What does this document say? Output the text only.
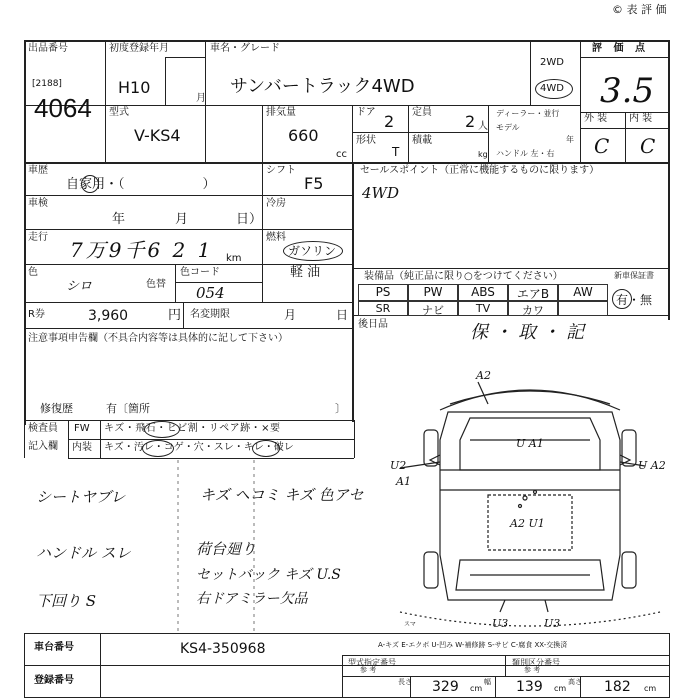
© 表 評 価
出品番号
[2188]
4064
初度登録年月
H10
月
車名・グレード
サンバートラック4WD
2WD
4WD
評 価 点
3.5
型式
V-KS4
排気量
660
cc
ドア 2 定員 2 人
形状
T
積載
kg
ディーラー・並行
モデル
年
ハンドル 左・右
外 装 内 装
C C
車歴
自家用・（　　　　　　）
シフト
F5
車検
年	月	日）
冷房
走行
7万9千6 2 1 km
燃料
ガソリン
軽 油
色
シロ	色替
色コード
054
R券	3,960	円 名変期限	月	日
セールスポイント（正常に機能するものに限ります）
4WD
装備品（純正品に限り○をつけてください）	新車保証書
有・無
PS	PW	ABS	エアB	AW
SR	ナビ	TV	カワ
後日品	保・取・記
注意事項申告欄（不具合内容等は具体的に記して下さい）
修復歴	有〔箇所	〕
検査員
記入欄
FW キズ・飛石・ヒビ割・リペア跡・×要
内装 キズ・汚レ・コゲ・穴・スレ・キレ・破レ
シートヤブレ	キズ ヘコミ キズ 色アセ
ハンドル スレ	荷台廻り
セットバック キズ U.S
下回り S	右ドアミラー欠品
A2
U A1
U2
A1
U A2
A2 U1
U3	U3
スマ
A-キズ E-エクボ U-凹み W-補修跡 S-サビ C-腐食 XX-交換済
車台番号	KS4-350968
登録番号
型式指定番号
参 考
類別区分番号
参 考
長さ 329 cm
幅 139 cm
高さ 182 cm
